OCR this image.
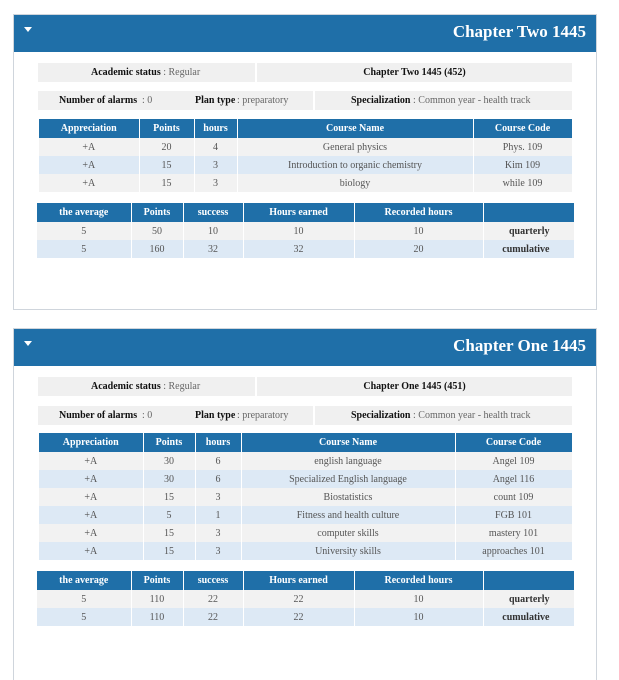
Chapter Two 1445
Academic status : Regular	Chapter Two 1445 (452)
Number of alarms : 0	Plan type : preparatory	Specialization : Common year - health track
Appreciation	Points	hours	Course Name	Course Code
+A	20	4	General physics	Phys. 109
+A	15	3	Introduction to organic chemistry	Kim 109
+A	15	3	biology	while 109
the average	Points	success	Hours earned	Recorded hours	
5	50	10	10	10	quarterly
5	160	32	32	20	cumulative
Chapter One 1445
Academic status : Regular	Chapter One 1445 (451)
Number of alarms : 0	Plan type : preparatory	Specialization : Common year - health track
Appreciation	Points	hours	Course Name	Course Code
+A	30	6	english language	Angel 109
+A	30	6	Specialized English language	Angel 116
+A	15	3	Biostatistics	count 109
+A	5	1	Fitness and health culture	FGB 101
+A	15	3	computer skills	mastery 101
+A	15	3	University skills	approaches 101
the average	Points	success	Hours earned	Recorded hours	
5	110	22	22	10	quarterly
5	110	22	22	10	cumulative
